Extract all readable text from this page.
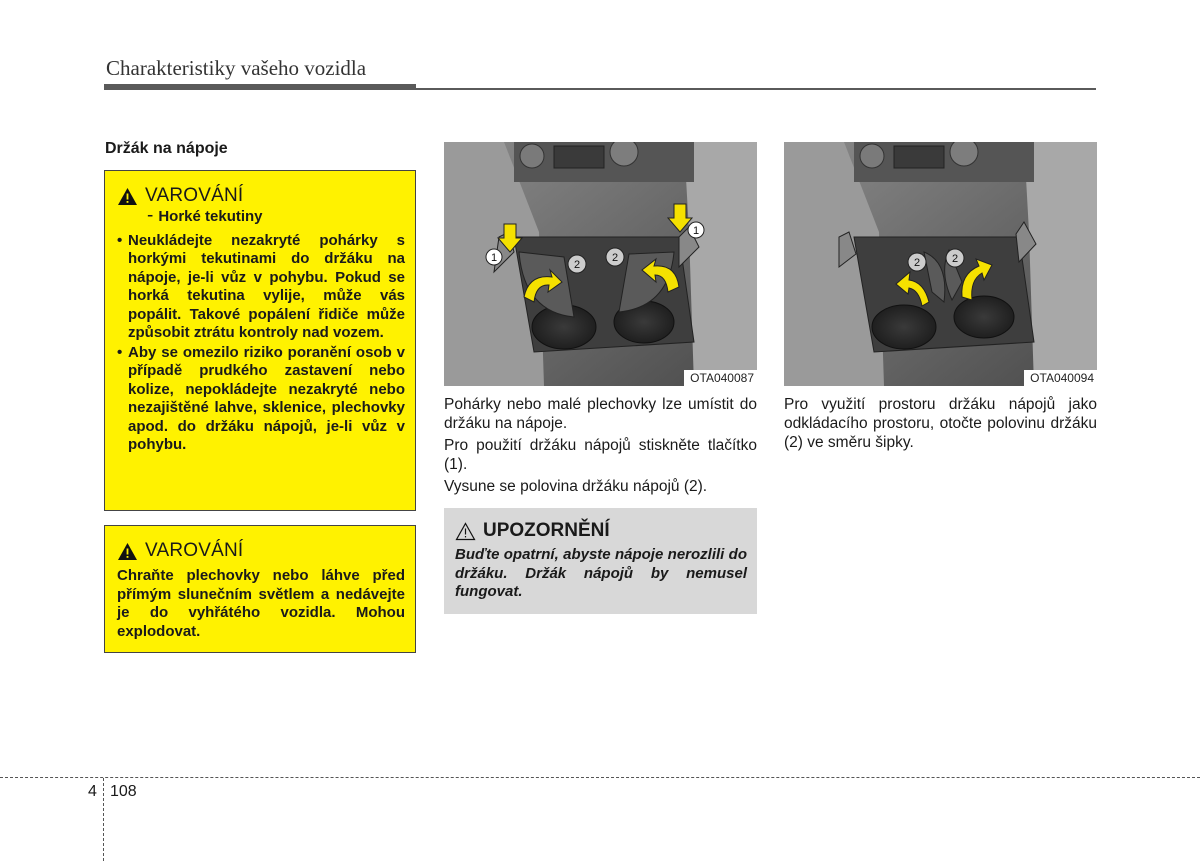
Charakteristiky vašeho vozidla
Držák na nápoje
VAROVÁNÍ
- Horké tekutiny
• Neukládejte nezakryté pohárky s horkými tekutinami do držáku na nápoje, je-li vůz v pohybu. Pokud se horká tekutina vylije, může vás popálit. Takové popálení řidiče může způsobit ztrátu kontroly nad vozem.
• Aby se omezilo riziko poranění osob v případě prudkého zastavení nebo kolize, nepokládejte nezakryté nebo nezajištěné lahve, sklenice, plechovky apod. do držáku nápojů, je-li vůz v pohybu.
VAROVÁNÍ
Chraňte plechovky nebo láhve před přímým slunečním světlem a nedávejte je do vyhřátého vozidla. Mohou explodovat.
1
1
2
2
OTA040087
2	2
OTA040094

Pohárky nebo malé plechovky lze umístit do držáku na nápoje.

Pro použití držáku nápojů stiskněte tlačítko (1).

Vysune se polovina držáku nápojů (2).

UPOZORNĚNÍ
Buďte opatrní, abyste nápoje nerozlili do držáku. Držák nápojů by nemusel fungovat.

Pro využití prostoru držáku nápojů jako odkládacího prostoru, otočte polovinu držáku (2) ve směru šipky.

4 108
